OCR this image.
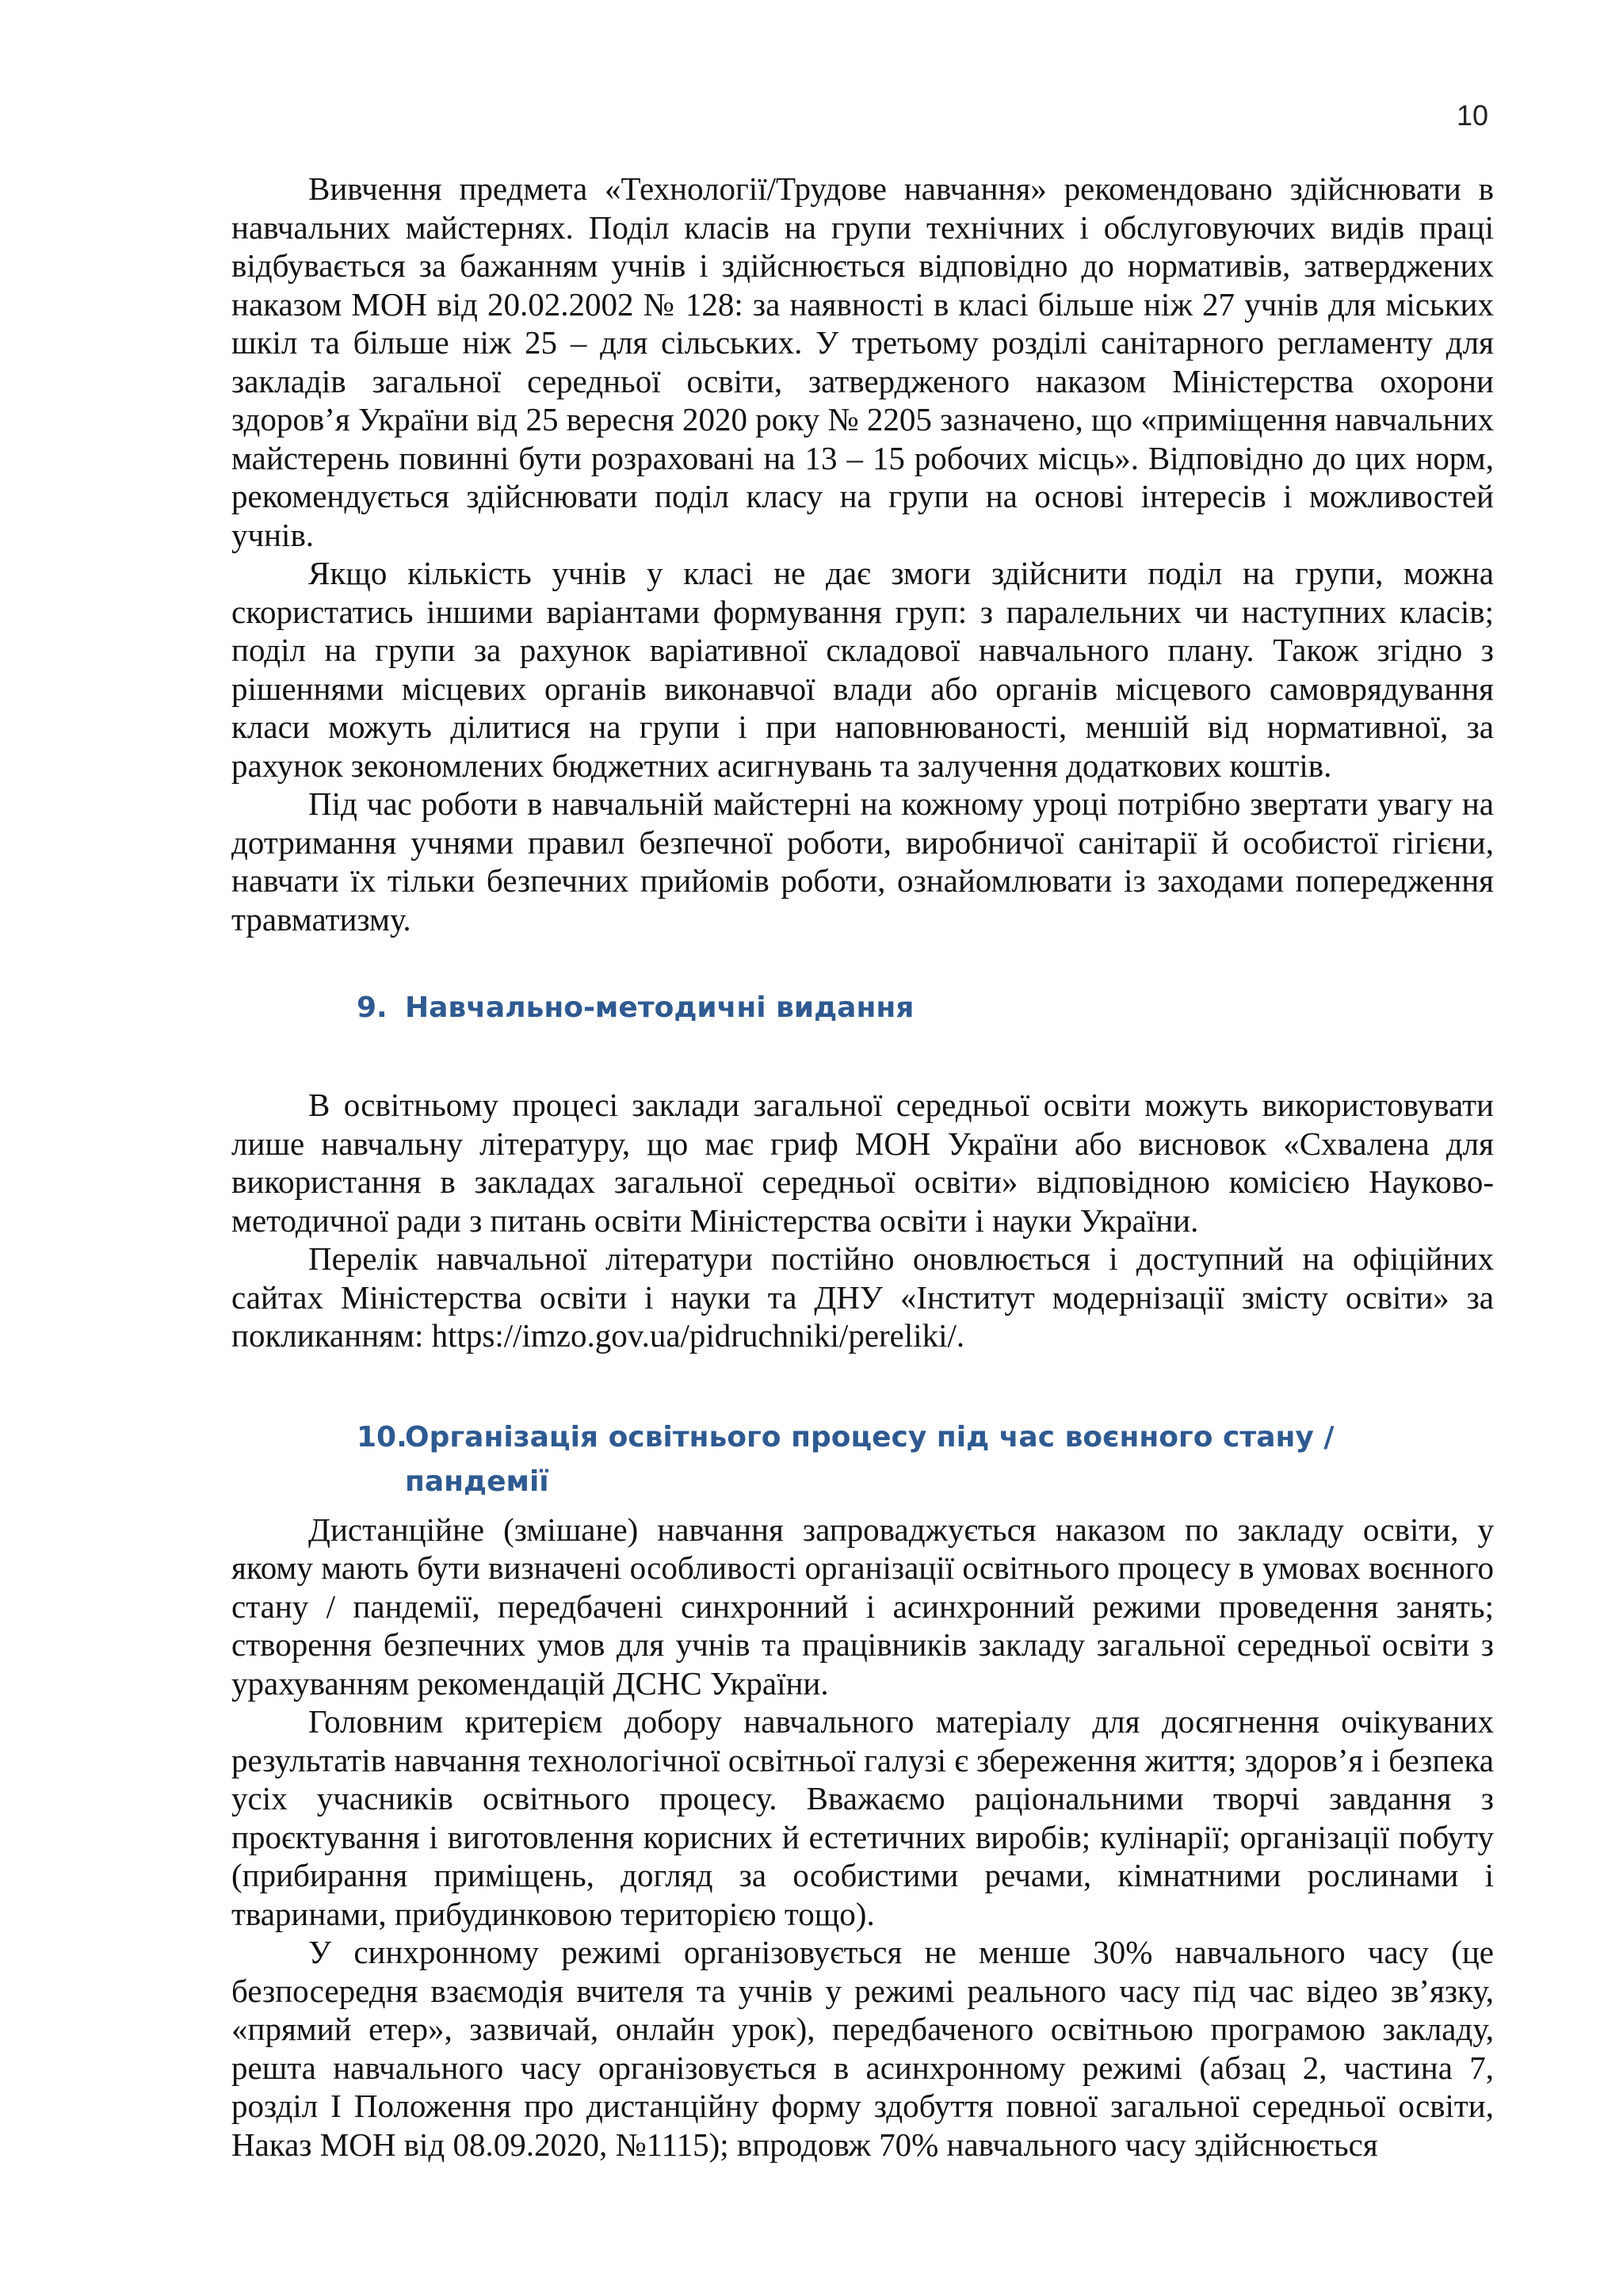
10

Вивчення предмета «Технології/Трудове навчання» рекомендовано здійснювати в навчальних майстернях. Поділ класів на групи технічних і обслуговуючих видів праці відбувається за бажанням учнів і здійснюється відповідно до нормативів, затверджених наказом МОН від 20.02.2002 № 128: за наявності в класі більше ніж 27 учнів для міських шкіл та більше ніж 25 – для сільських. У третьому розділі санітарного регламенту для закладів загальної середньої освіти, затвердженого наказом Міністерства охорони здоров’я України від 25 вересня 2020 року № 2205 зазначено, що «приміщення навчальних майстерень повинні бути розраховані на 13 – 15 робочих місць». Відповідно до цих норм, рекомендується здійснювати поділ класу на групи на основі інтересів і можливостей учнів.

Якщо кількість учнів у класі не дає змоги здійснити поділ на групи, можна скористатись іншими варіантами формування груп: з паралельних чи наступних класів; поділ на групи за рахунок варіативної складової навчального плану. Також згідно з рішеннями місцевих органів виконавчої влади або органів місцевого самоврядування класи можуть ділитися на групи і при наповнюваності, меншій від нормативної, за рахунок зекономлених бюджетних асигнувань та залучення додаткових коштів.

Під час роботи в навчальній майстерні на кожному уроці потрібно звертати увагу на дотримання учнями правил безпечної роботи, виробничої санітарії й особистої гігієни, навчати їх тільки безпечних прийомів роботи, ознайомлювати із заходами попередження травматизму.

9. Навчально-методичні видання

В освітньому процесі заклади загальної середньої освіти можуть використовувати лише навчальну літературу, що має гриф МОН України або висновок «Схвалена для використання в закладах загальної середньої освіти» відповідною комісією Науково-методичної ради з питань освіти Міністерства освіти і науки України.

Перелік навчальної літератури постійно оновлюється і доступний на офіційних сайтах Міністерства освіти і науки та ДНУ «Інститут модернізації змісту освіти» за покликанням: https://imzo.gov.ua/pidruchniki/pereliki/.

10.Організація освітнього процесу під час воєнного стану /
пандемії

Дистанційне (змішане) навчання запроваджується наказом по закладу освіти, у якому мають бути визначені особливості організації освітнього процесу в умовах воєнного стану / пандемії, передбачені синхронний і асинхронний режими проведення занять; створення безпечних умов для учнів та працівників закладу загальної середньої освіти з урахуванням рекомендацій ДСНС України.

Головним критерієм добору навчального матеріалу для досягнення очікуваних результатів навчання технологічної освітньої галузі є збереження життя; здоров’я і безпека усіх учасників освітнього процесу. Вважаємо раціональними творчі завдання з проєктування і виготовлення корисних й естетичних виробів; кулінарії; організації побуту (прибирання приміщень, догляд за особистими речами, кімнатними рослинами і тваринами, прибудинковою територією тощо).

У синхронному режимі організовується не менше 30% навчального часу (це безпосередня взаємодія вчителя та учнів у режимі реального часу під час відео зв’язку, «прямий етер», зазвичай, онлайн урок), передбаченого освітньою програмою закладу, решта навчального часу організовується в асинхронному режимі (абзац 2, частина 7, розділ І Положення про дистанційну форму здобуття повної загальної середньої освіти, Наказ МОН від 08.09.2020, №1115); впродовж 70% навчального часу здійснюється
